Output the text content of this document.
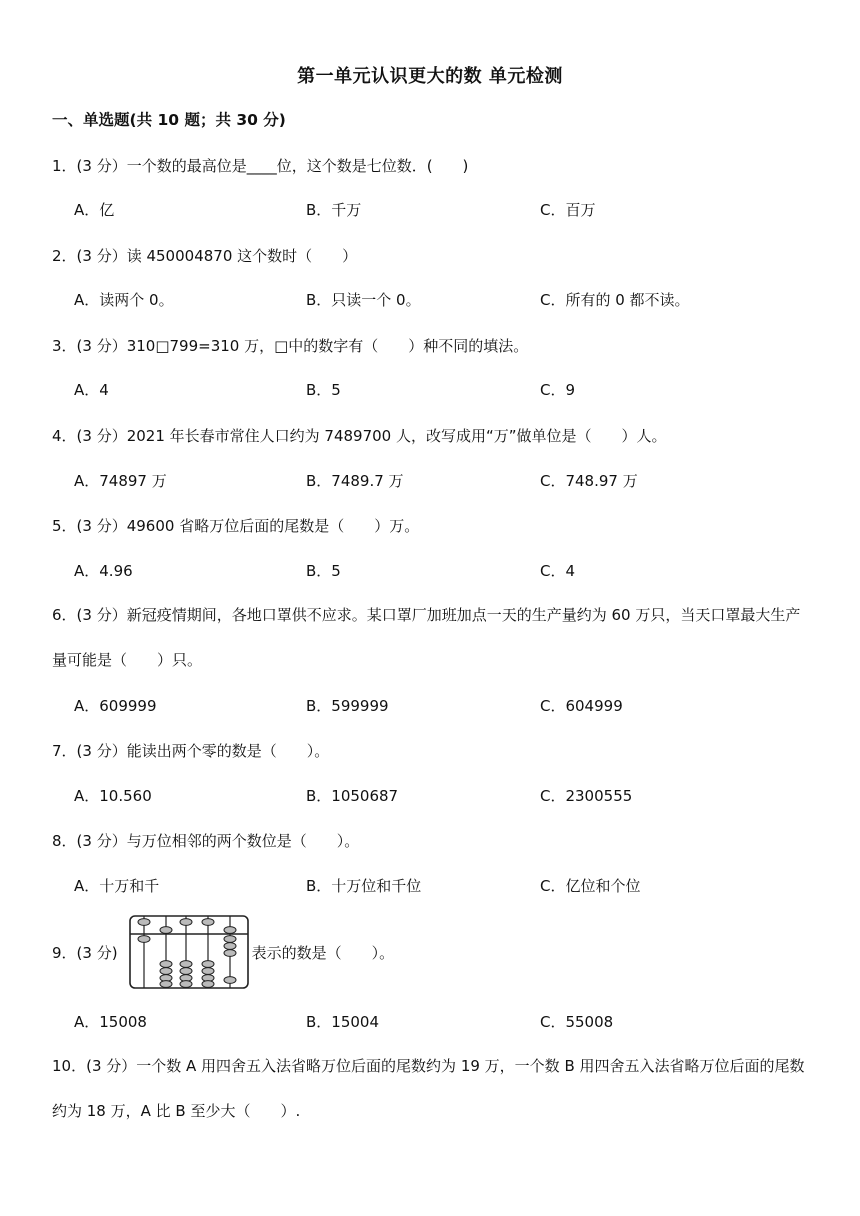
第一单元认识更大的数 单元检测
一、单选题(共 10 题；共 30 分)
1．(3 分）一个数的最高位是____位，这个数是七位数．(　　)
A．亿	B．千万	C．百万
2．(3 分）读 450004870 这个数时（　　）
A．读两个 0。	B．只读一个 0。	C．所有的 0 都不读。
3．(3 分）310□799=310 万，□中的数字有（　　）种不同的填法。
A．4	B．5	C．9
4．(3 分）2021 年长春市常住人口约为 7489700 人，改写成用“万”做单位是（　　）人。
A．74897 万	B．7489.7 万	C．748.97 万
5．(3 分）49600 省略万位后面的尾数是（　　）万。
A．4.96	B．5	C．4
6．(3 分）新冠疫情期间，各地口罩供不应求。某口罩厂加班加点一天的生产量约为 60 万只，当天口罩最大生产量可能是（　　）只。
A．609999	B．599999	C．604999
7．(3 分）能读出两个零的数是（　　）。
A．10.560	B．1050687	C．2300555
8．(3 分）与万位相邻的两个数位是（　　）。
A．十万和千	B．十万位和千位	C．亿位和个位
9．(3 分)	表示的数是（　　）。
A．15008	B．15004	C．55008
10．(3 分）一个数 A 用四舍五入法省略万位后面的尾数约为 19 万，一个数 B 用四舍五入法省略万位后面的尾数约为 18 万，A 比 B 至少大（　　）.
